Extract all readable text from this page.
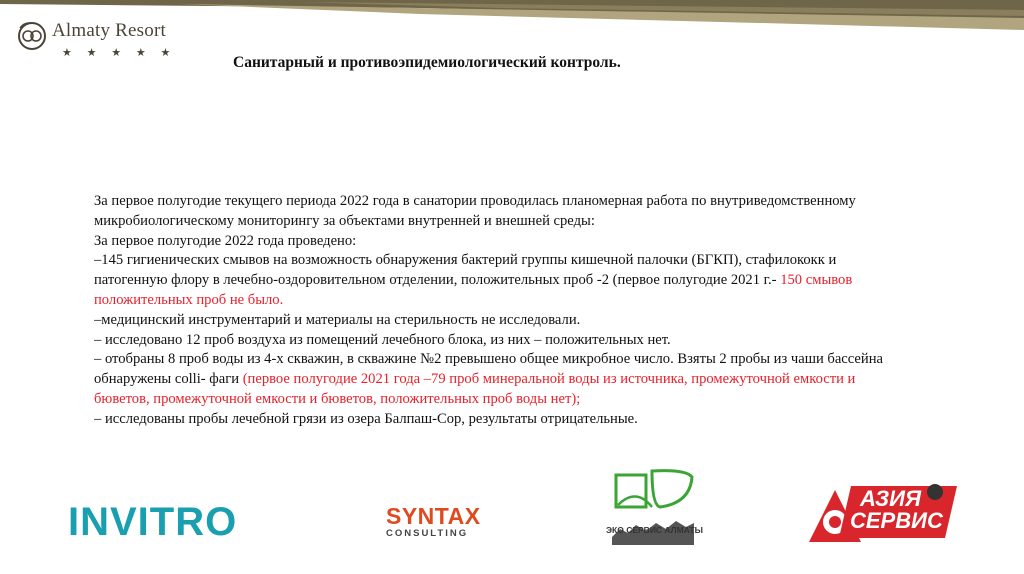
Almaty Resort
★ ★ ★ ★ ★
Санитарный и противоэпидемиологический контроль.
За первое полугодие текущего периода 2022 года в санатории проводилась планомерная работа по внутриведомственному
микробиологическому мониторингу за объектами внутренней и внешней среды:
За первое полугодие 2022 года проведено:
–145 гигиенических смывов на возможность обнаружения бактерий группы кишечной палочки (БГКП), стафилококк и
патогенную флору в лечебно-оздоровительном отделении, положительных проб -2 (первое полугодие 2021 г.- 150 смывов
положительных проб не было.
–медицинский инструментарий и материалы на стерильность не исследовали.
– исследовано 12 проб воздуха из помещений лечебного блока, из них – положительных нет.
– отобраны 8 проб воды из 4-х скважин, в скважине №2 превышено общее микробное число. Взяты 2 пробы из чаши бассейна
обнаружены colli- фаги (первое полугодие 2021 года –79 проб минеральной воды из источника, промежуточной емкости и
бюветов, промежуточной емкости и бюветов, положительных проб воды нет);
– исследованы пробы лечебной грязи из озера Балпаш-Сор, результаты отрицательные.
INVITRO	SYNTAX
CONSULTING	ЭКО СЕРВИС АЛМАТЫ
АЗИЯ
СЕРВИС
